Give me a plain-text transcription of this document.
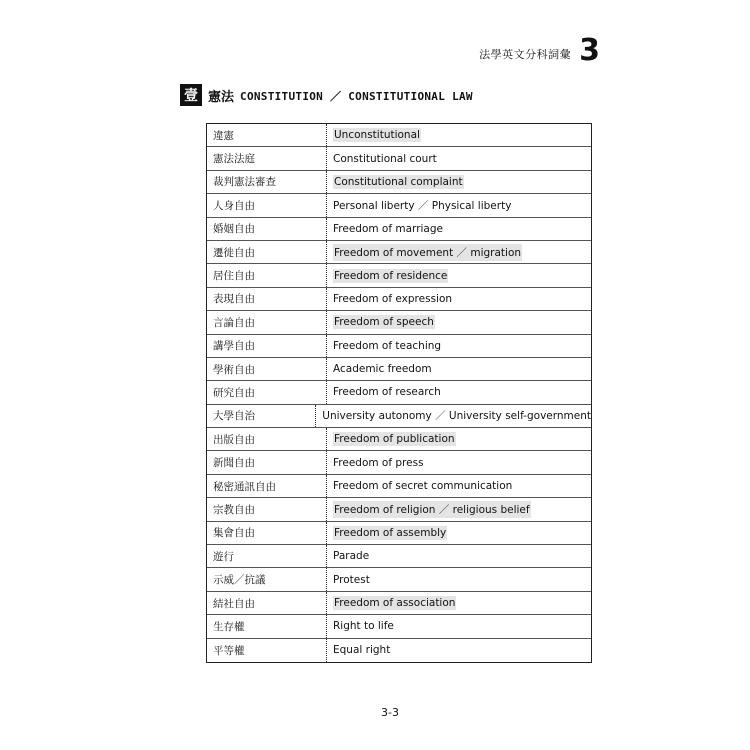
法學英文分科詞彙 3
壹 憲法 CONSTITUTION ／ CONSTITUTIONAL LAW
違憲	Unconstitutional
憲法法庭	Constitutional court
裁判憲法審查	Constitutional complaint
人身自由	Personal liberty ／ Physical liberty
婚姻自由	Freedom of marriage
遷徙自由	Freedom of movement ／ migration
居住自由	Freedom of residence
表現自由	Freedom of expression
言論自由	Freedom of speech
講學自由	Freedom of teaching
學術自由	Academic freedom
研究自由	Freedom of research
大學自治	University autonomy ／ University self-government
出版自由	Freedom of publication
新聞自由	Freedom of press
秘密通訊自由	Freedom of secret communication
宗教自由	Freedom of religion ／ religious belief
集會自由	Freedom of assembly
遊行	Parade
示威／抗議	Protest
結社自由	Freedom of association
生存權	Right to life
平等權	Equal right
3-3
